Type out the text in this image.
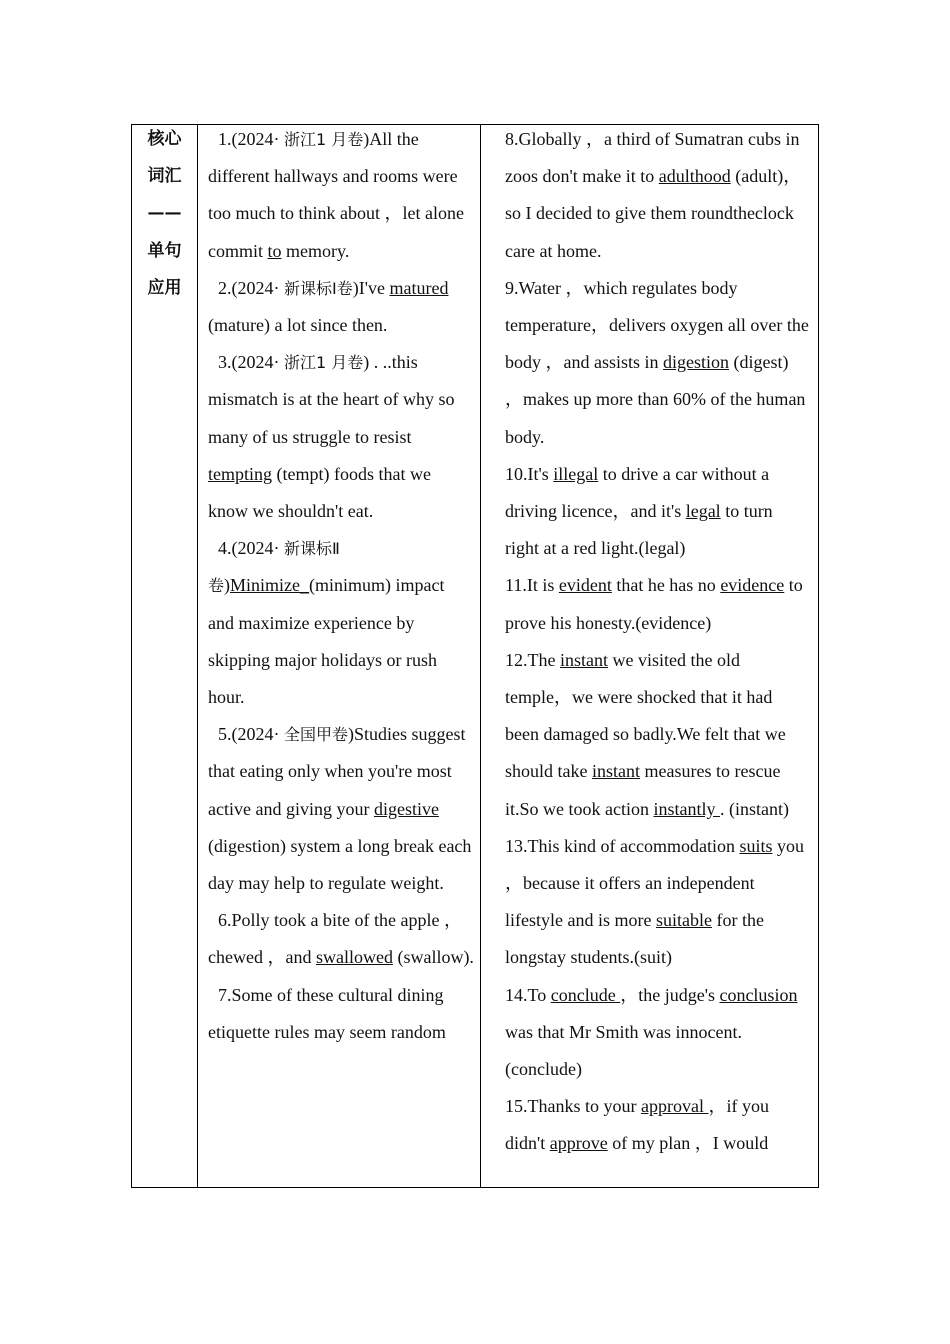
核心
词汇
——
单句
应用

1.(2024· 浙江1 月卷)All the different hallways and rooms were too much to think about ，let alone commit to memory.

2.(2024· 新课标Ⅰ卷)I've matured (mature) a lot since then.

3.(2024· 浙江1 月卷) . ..this mismatch is at the heart of why so many of us struggle to resist tempting (tempt) foods that we know we shouldn't eat.

4.(2024· 新课标Ⅱ卷)Minimize_(minimum) impact and maximize experience by skipping major holidays or rush hour.

5.(2024· 全国甲卷)Studies suggest that eating only when you're most active and giving your digestive (digestion) system a long break each day may help to regulate weight.

6.Polly took a bite of the apple ，chewed ，and swallowed (swallow).

7.Some of these cultural dining etiquette rules may seem random

8.Globally ，a third of Sumatran cubs in zoos don't make it to adulthood (adult)，so I decided to give them roundtheclock care at home.

9.Water ，which regulates body temperature，delivers oxygen all over the body ，and assists in digestion (digest) ，makes up more than 60% of the human body.

10.It's illegal to drive a car without a driving licence，and it's legal to turn right at a red light.(legal)

11.It is evident that he has no evidence to prove his honesty.(evidence)

12.The instant we visited the old temple，we were shocked that it had been damaged so badly.We felt that we should take instant measures to rescue it.So we took action instantly . (instant)

13.This kind of accommodation suits you ，because it offers an independent lifestyle and is more suitable for the longstay students.(suit)

14.To conclude ，the judge's conclusion was that Mr Smith was innocent.(conclude)

15.Thanks to your approval ，if you didn't approve of my plan ，I would
